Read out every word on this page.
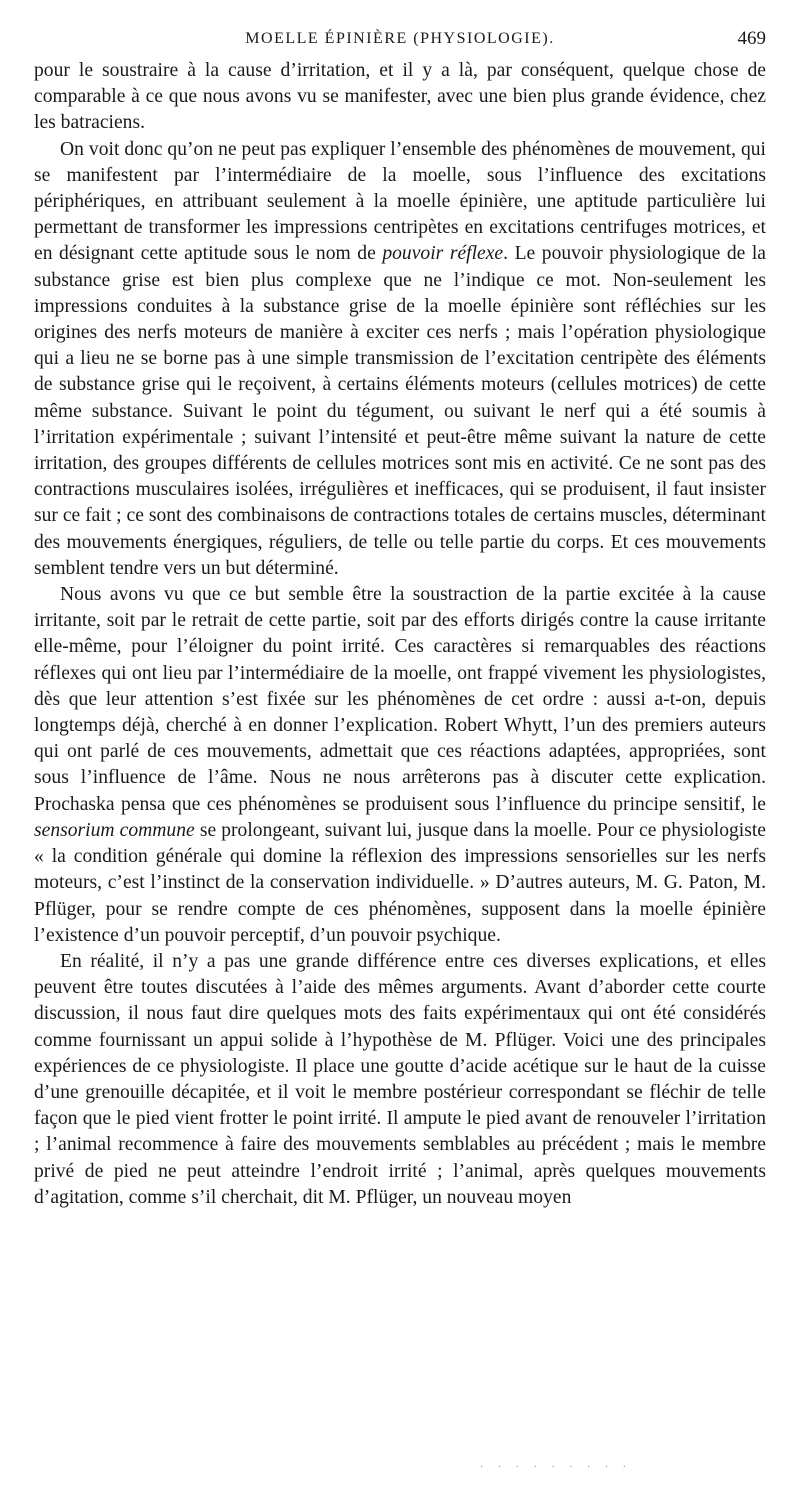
MOELLE ÉPINIÈRE (PHYSIOLOGIE).	469

pour le soustraire à la cause d’irritation, et il y a là, par conséquent, quelque chose de comparable à ce que nous avons vu se manifester, avec une bien plus grande évidence, chez les batraciens.

On voit donc qu’on ne peut pas expliquer l’ensemble des phénomènes de mouvement, qui se manifestent par l’intermédiaire de la moelle, sous l’influence des excitations périphériques, en attribuant seulement à la moelle épinière, une aptitude particulière lui permettant de transformer les impressions centripètes en excitations centrifuges motrices, et en désignant cette aptitude sous le nom de pouvoir réflexe. Le pouvoir physiologique de la substance grise est bien plus complexe que ne l’indique ce mot. Non-seulement les impressions conduites à la substance grise de la moelle épinière sont réfléchies sur les origines des nerfs moteurs de manière à exciter ces nerfs ; mais l’opération physiologique qui a lieu ne se borne pas à une simple transmission de l’excitation centripète des éléments de substance grise qui le reçoivent, à certains éléments moteurs (cellules motrices) de cette même substance. Suivant le point du tégument, ou suivant le nerf qui a été soumis à l’irritation expérimentale ; suivant l’intensité et peut-être même suivant la nature de cette irritation, des groupes différents de cellules motrices sont mis en activité. Ce ne sont pas des contractions musculaires isolées, irrégulières et inefficaces, qui se produisent, il faut insister sur ce fait ; ce sont des combinaisons de contractions totales de certains muscles, déterminant des mouvements énergiques, réguliers, de telle ou telle partie du corps. Et ces mouvements semblent tendre vers un but déterminé.

Nous avons vu que ce but semble être la soustraction de la partie excitée à la cause irritante, soit par le retrait de cette partie, soit par des efforts dirigés contre la cause irritante elle-même, pour l’éloigner du point irrité. Ces caractères si remarquables des réactions réflexes qui ont lieu par l’intermédiaire de la moelle, ont frappé vivement les physiologistes, dès que leur attention s’est fixée sur les phénomènes de cet ordre : aussi a-t-on, depuis longtemps déjà, cherché à en donner l’explication. Robert Whytt, l’un des premiers auteurs qui ont parlé de ces mouvements, admettait que ces réactions adaptées, appropriées, sont sous l’influence de l’âme. Nous ne nous arrêterons pas à discuter cette explication. Prochaska pensa que ces phénomènes se produisent sous l’influence du principe sensitif, le sensorium commune se prolongeant, suivant lui, jusque dans la moelle. Pour ce physiologiste « la condition générale qui domine la réflexion des impressions sensorielles sur les nerfs moteurs, c’est l’instinct de la conservation individuelle. » D’autres auteurs, M. G. Paton, M. Pflüger, pour se rendre compte de ces phénomènes, supposent dans la moelle épinière l’existence d’un pouvoir perceptif, d’un pouvoir psychique.

En réalité, il n’y a pas une grande différence entre ces diverses explications, et elles peuvent être toutes discutées à l’aide des mêmes arguments. Avant d’aborder cette courte discussion, il nous faut dire quelques mots des faits expérimentaux qui ont été considérés comme fournissant un appui solide à l’hypothèse de M. Pflüger. Voici une des principales expériences de ce physiologiste. Il place une goutte d’acide acétique sur le haut de la cuisse d’une grenouille décapitée, et il voit le membre postérieur correspondant se fléchir de telle façon que le pied vient frotter le point irrité. Il ampute le pied avant de renouveler l’irritation ; l’animal recommence à faire des mouvements semblables au précédent ; mais le membre privé de pied ne peut atteindre l’endroit irrité ; l’animal, après quelques mouvements d’agitation, comme s’il cherchait, dit M. Pflüger, un nouveau moyen

· · · · · · · · ·
